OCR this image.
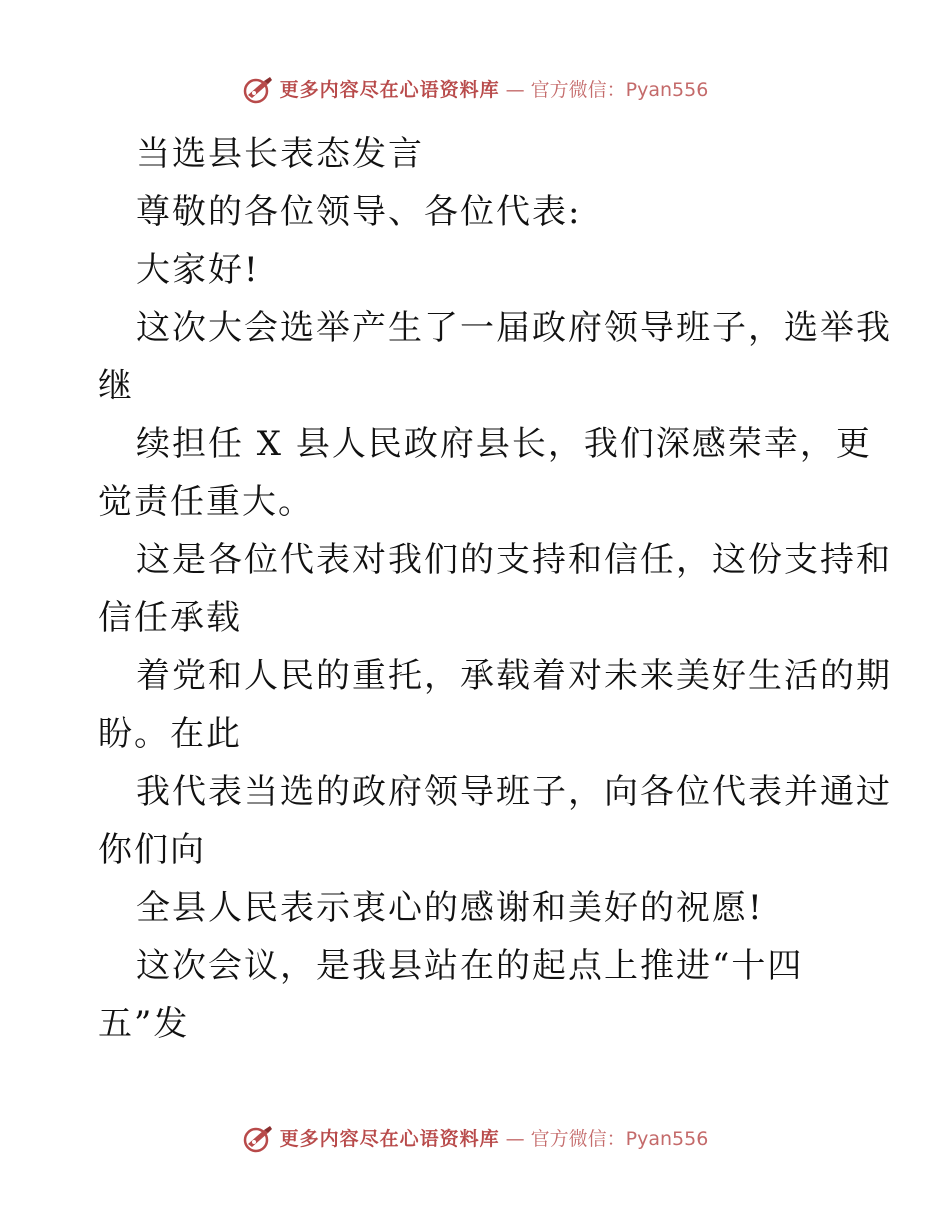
更多内容尽在心语资料库 — 官方微信：Pyan556
当选县长表态发言
尊敬的各位领导、各位代表:
大家好!
这次大会选举产生了一届政府领导班子，选举我
继
续担任 X 县人民政府县长，我们深感荣幸，更
觉责任重大。
这是各位代表对我们的支持和信任，这份支持和
信任承载
着党和人民的重托，承载着对未来美好生活的期
盼。在此
我代表当选的政府领导班子，向各位代表并通过
你们向
全县人民表示衷心的感谢和美好的祝愿!
这次会议，是我县站在的起点上推进“十四
五”发
更多内容尽在心语资料库 — 官方微信：Pyan556
